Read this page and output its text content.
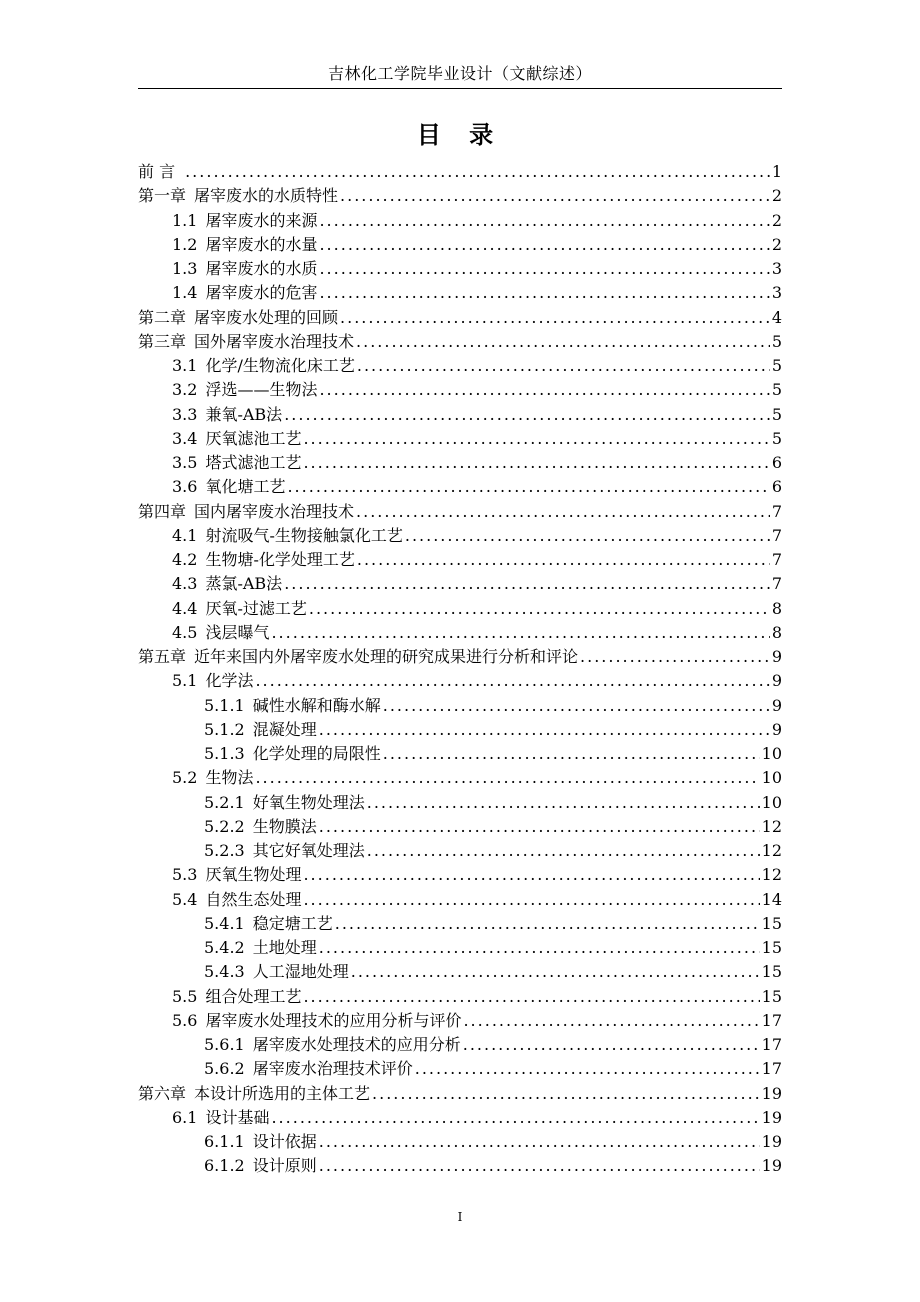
吉林化工学院毕业设计（文献综述）
目 录
前 言 .....	1
第一章 屠宰废水的水质特性 .....	2
1.1 屠宰废水的来源 .....	2
1.2 屠宰废水的水量 .....	2
1.3 屠宰废水的水质 .....	3
1.4 屠宰废水的危害 .....	3
第二章 屠宰废水处理的回顾 .....	4
第三章 国外屠宰废水治理技术 .....	5
3.1 化学/生物流化床工艺 .....	5
3.2 浮选——生物法 .....	5
3.3 兼氧-AB法 .....	5
3.4 厌氧滤池工艺 .....	5
3.5 塔式滤池工艺 .....	6
3.6 氧化塘工艺 .....	6
第四章 国内屠宰废水治理技术 .....	7
4.1 射流吸气-生物接触氯化工艺 .....	7
4.2 生物塘-化学处理工艺 .....	7
4.3 蒸氯-AB法 .....	7
4.4 厌氧-过滤工艺 .....	8
4.5 浅层曝气 .....	8
第五章 近年来国内外屠宰废水处理的研究成果进行分析和评论 .....	9
5.1 化学法 .....	9
5.1.1 碱性水解和酶水解 .....	9
5.1.2 混凝处理 .....	9
5.1.3 化学处理的局限性 .....	10
5.2 生物法 .....	10
5.2.1 好氧生物处理法 .....	10
5.2.2 生物膜法 .....	12
5.2.3 其它好氧处理法 .....	12
5.3 厌氧生物处理 .....	12
5.4 自然生态处理 .....	14
5.4.1 稳定塘工艺 .....	15
5.4.2 土地处理 .....	15
5.4.3 人工湿地处理 .....	15
5.5 组合处理工艺 .....	15
5.6 屠宰废水处理技术的应用分析与评价 .....	17
5.6.1 屠宰废水处理技术的应用分析 .....	17
5.6.2 屠宰废水治理技术评价 .....	17
第六章 本设计所选用的主体工艺 .....	19
6.1 设计基础 .....	19
6.1.1 设计依据 .....	19
6.1.2 设计原则 .....	19
I
